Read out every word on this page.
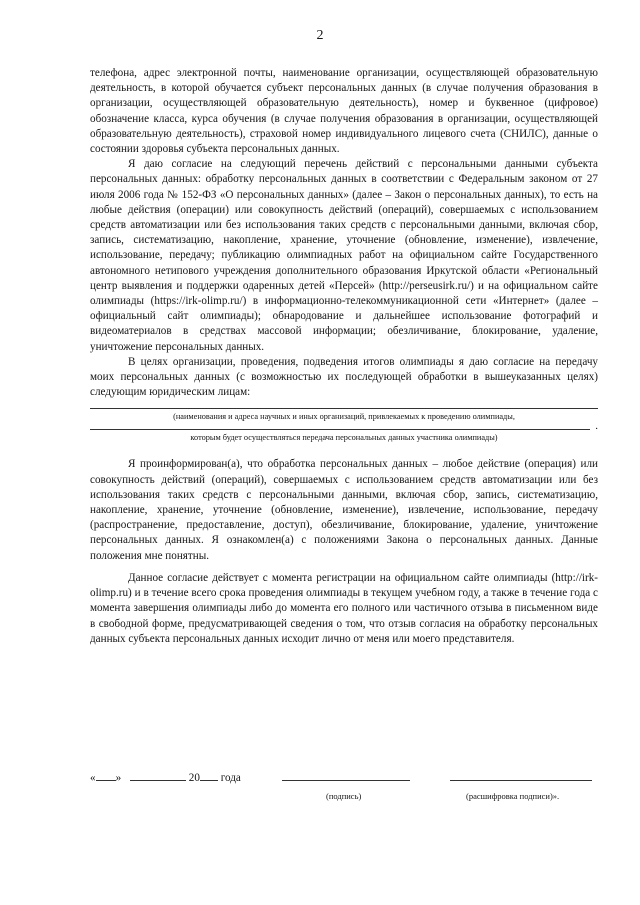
2

телефона, адрес электронной почты, наименование организации, осуществляющей образовательную деятельность, в которой обучается субъект персональных данных (в случае получения образования в организации, осуществляющей образовательную деятельность), номер и буквенное (цифровое) обозначение класса, курса обучения (в случае получения образования в организации, осуществляющей образовательную деятельность), страховой номер индивидуального лицевого счета (СНИЛС), данные о состоянии здоровья субъекта персональных данных.

Я даю согласие на следующий перечень действий с персональными данными субъекта персональных данных: обработку персональных данных в соответствии с Федеральным законом от 27 июля 2006 года № 152-ФЗ «О персональных данных» (далее – Закон о персональных данных), то есть на любые действия (операции) или совокупность действий (операций), совершаемых с использованием средств автоматизации или без использования таких средств с персональными данными, включая сбор, запись, систематизацию, накопление, хранение, уточнение (обновление, изменение), извлечение, использование, передачу; публикацию олимпиадных работ на официальном сайте Государственного автономного нетипового учреждения дополнительного образования Иркутской области «Региональный центр выявления и поддержки одаренных детей «Персей» (http://perseusirk.ru/) и на официальном сайте олимпиады (https://irk-olimp.ru/) в информационно-телекоммуникационной сети «Интернет» (далее – официальный сайт олимпиады); обнародование и дальнейшее использование фотографий и видеоматериалов в средствах массовой информации; обезличивание, блокирование, удаление, уничтожение персональных данных.

В целях организации, проведения, подведения итогов олимпиады я даю согласие на передачу моих персональных данных (с возможностью их последующей обработки в вышеуказанных целях) следующим юридическим лицам:

(наименования и адреса научных и иных организаций, привлекаемых к проведению олимпиады,
.
которым будет осуществляться передача персональных данных участника олимпиады)

Я проинформирован(а), что обработка персональных данных – любое действие (операция) или совокупность действий (операций), совершаемых с использованием средств автоматизации или без использования таких средств с персональными данными, включая сбор, запись, систематизацию, накопление, хранение, уточнение (обновление, изменение), извлечение, использование, передачу (распространение, предоставление, доступ), обезличивание, блокирование, удаление, уничтожение персональных данных. Я ознакомлен(а) с положениями Закона о персональных данных. Данные положения мне понятны.

Данное согласие действует с момента регистрации на официальном сайте олимпиады (http://irk-olimp.ru) и в течение всего срока проведения олимпиады в текущем учебном году, а также в течение года с момента завершения олимпиады либо до момента его полного или частичного отзыва в письменном виде в свободной форме, предусматривающей сведения о том, что отзыв согласия на обработку персональных данных субъекта персональных данных исходит лично от меня или моего представителя.

« »	20 года
(подпись)	(расшифровка подписи)».
